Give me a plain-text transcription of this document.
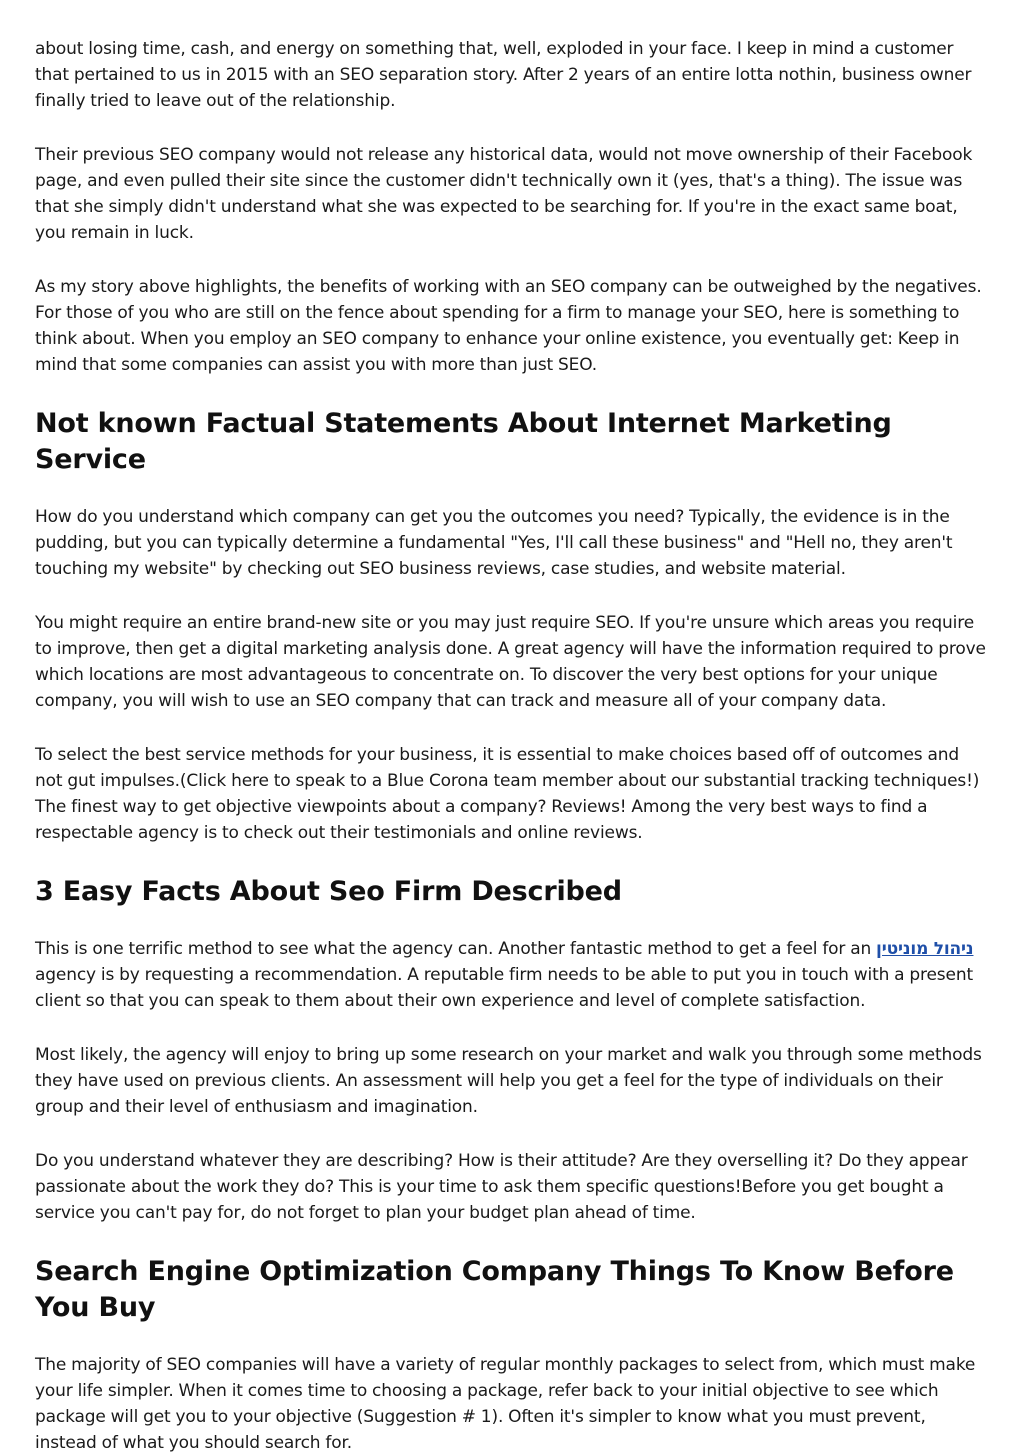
about losing time, cash, and energy on something that, well, exploded in your face. I keep in mind a customer that pertained to us in 2015 with an SEO separation story. After 2 years of an entire lotta nothin, business owner finally tried to leave out of the relationship.

Their previous SEO company would not release any historical data, would not move ownership of their Facebook page, and even pulled their site since the customer didn't technically own it (yes, that's a thing). The issue was that she simply didn't understand what she was expected to be searching for. If you're in the exact same boat, you remain in luck.

As my story above highlights, the benefits of working with an SEO company can be outweighed by the negatives. For those of you who are still on the fence about spending for a firm to manage your SEO, here is something to think about. When you employ an SEO company to enhance your online existence, you eventually get: Keep in mind that some companies can assist you with more than just SEO.

Not known Factual Statements About Internet Marketing Service

How do you understand which company can get you the outcomes you need? Typically, the evidence is in the pudding, but you can typically determine a fundamental "Yes, I'll call these business" and "Hell no, they aren't touching my website" by checking out SEO business reviews, case studies, and website material.

You might require an entire brand-new site or you may just require SEO. If you're unsure which areas you require to improve, then get a digital marketing analysis done. A great agency will have the information required to prove which locations are most advantageous to concentrate on. To discover the very best options for your unique company, you will wish to use an SEO company that can track and measure all of your company data.

To select the best service methods for your business, it is essential to make choices based off of outcomes and not gut impulses.(Click here to speak to a Blue Corona team member about our substantial tracking techniques!) The finest way to get objective viewpoints about a company? Reviews! Among the very best ways to find a respectable agency is to check out their testimonials and online reviews.

3 Easy Facts About Seo Firm Described

This is one terrific method to see what the agency can. Another fantastic method to get a feel for an ניהול מוניטין agency is by requesting a recommendation. A reputable firm needs to be able to put you in touch with a present client so that you can speak to them about their own experience and level of complete satisfaction.

Most likely, the agency will enjoy to bring up some research on your market and walk you through some methods they have used on previous clients. An assessment will help you get a feel for the type of individuals on their group and their level of enthusiasm and imagination.

Do you understand whatever they are describing? How is their attitude? Are they overselling it? Do they appear passionate about the work they do? This is your time to ask them specific questions!Before you get bought a service you can't pay for, do not forget to plan your budget plan ahead of time.

Search Engine Optimization Company Things To Know Before You Buy

The majority of SEO companies will have a variety of regular monthly packages to select from, which must make your life simpler. When it comes time to choosing a package, refer back to your initial objective to see which package will get you to your objective (Suggestion # 1). Often it's simpler to know what you must prevent, instead of what you should search for.
